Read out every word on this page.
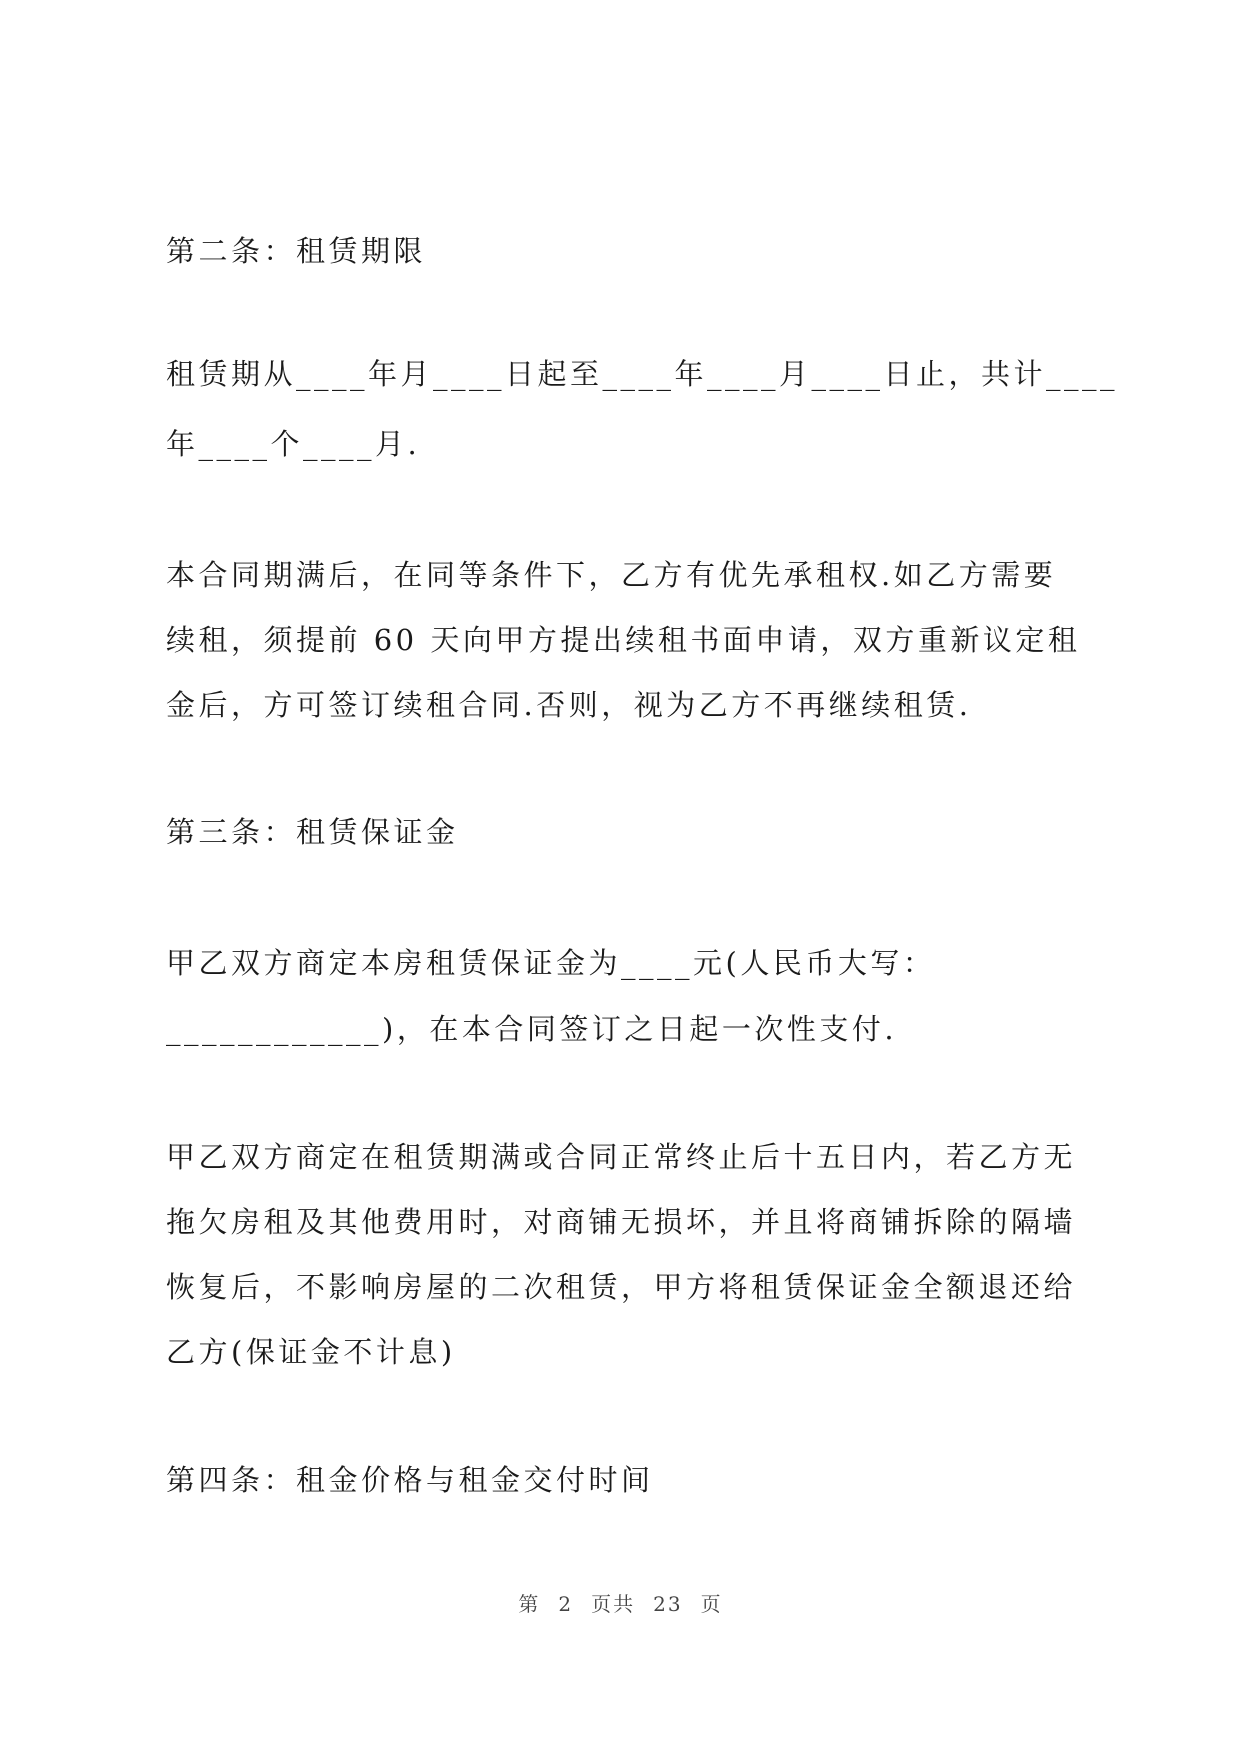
第二条：租赁期限
租赁期从____年月____日起至____年____月____日止，共计____
年____个____月.
本合同期满后，在同等条件下，乙方有优先承租权.如乙方需要
续租，须提前 60 天向甲方提出续租书面申请，双方重新议定租
金后，方可签订续租合同.否则，视为乙方不再继续租赁.
第三条：租赁保证金
甲乙双方商定本房租赁保证金为____元(人民币大写：
____________)，在本合同签订之日起一次性支付.
甲乙双方商定在租赁期满或合同正常终止后十五日内，若乙方无
拖欠房租及其他费用时，对商铺无损坏，并且将商铺拆除的隔墙
恢复后，不影响房屋的二次租赁，甲方将租赁保证金全额退还给
乙方(保证金不计息)
第四条：租金价格与租金交付时间
第 2 页共 23 页
